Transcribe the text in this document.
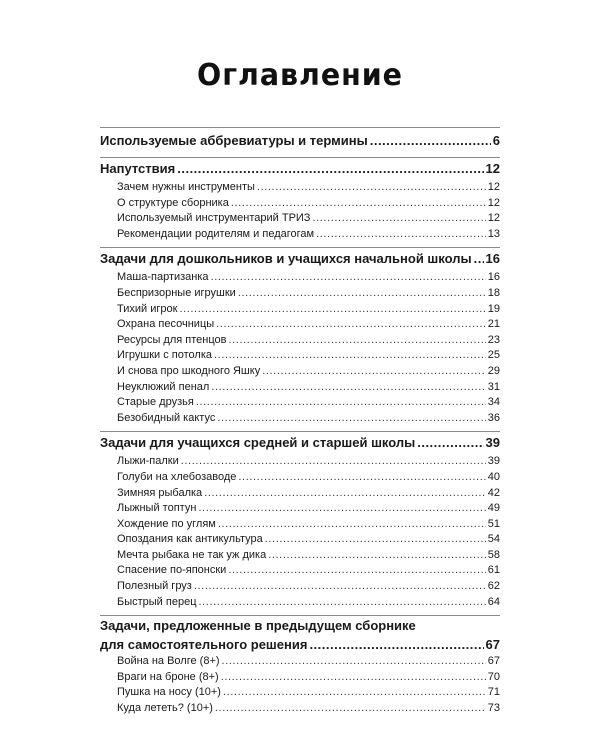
Оглавление
Используемые аббревиатуры и термины .....	6
Напутствия .....	12
Зачем нужны инструменты .....	12
О структуре сборника .....	12
Используемый инструментарий ТРИЗ .....	12
Рекомендации родителям и педагогам .....	13
Задачи для дошкольников и учащихся начальной школы ..... 16
Маша-партизанка .....	16
Беспризорные игрушки .....	18
Тихий игрок .....	19
Охрана песочницы .....	21
Ресурсы для птенцов .....	23
Игрушки с потолка .....	25
И снова про шкодного Яшку .....	29
Неуклюжий пенал .....	31
Старые друзья .....	34
Безобидный кактус .....	36
Задачи для учащихся средней и старшей школы .....	39
Лыжи-палки .....	39
Голуби на хлебозаводе .....	40
Зимняя рыбалка .....	42
Лыжный топтун .....	49
Хождение по углям .....	51
Опоздания как антикультура .....	54
Мечта рыбака не так уж дика .....	58
Спасение по-японски .....	61
Полезный груз .....	62
Быстрый перец .....	64
Задачи, предложенные в предыдущем сборнике
для самостоятельного решения .....	67
Война на Волге (8+) .....	67
Враги на броне (8+) .....	70
Пушка на носу (10+) .....	71
Куда лететь? (10+) .....	73
